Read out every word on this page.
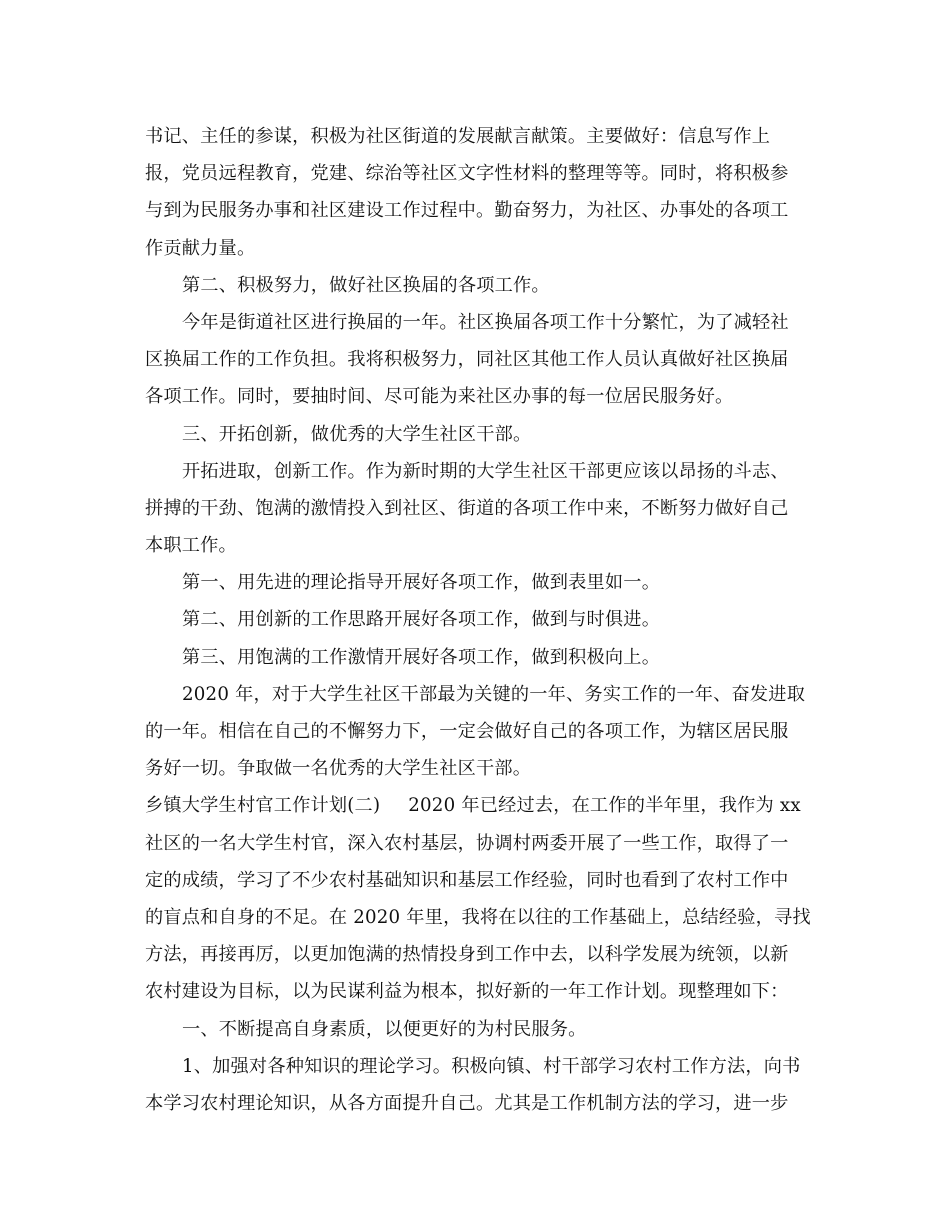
书记、主任的参谋，积极为社区街道的发展献言献策。主要做好：信息写作上
报，党员远程教育，党建、综治等社区文字性材料的整理等等。同时，将积极参
与到为民服务办事和社区建设工作过程中。勤奋努力，为社区、办事处的各项工
作贡献力量。
第二、积极努力，做好社区换届的各项工作。
今年是街道社区进行换届的一年。社区换届各项工作十分繁忙，为了减轻社
区换届工作的工作负担。我将积极努力，同社区其他工作人员认真做好社区换届
各项工作。同时，要抽时间、尽可能为来社区办事的每一位居民服务好。
三、开拓创新，做优秀的大学生社区干部。
开拓进取，创新工作。作为新时期的大学生社区干部更应该以昂扬的斗志、
拼搏的干劲、饱满的激情投入到社区、街道的各项工作中来，不断努力做好自己
本职工作。
第一、用先进的理论指导开展好各项工作，做到表里如一。
第二、用创新的工作思路开展好各项工作，做到与时俱进。
第三、用饱满的工作激情开展好各项工作，做到积极向上。
2020 年，对于大学生社区干部最为关键的一年、务实工作的一年、奋发进取
的一年。相信在自己的不懈努力下，一定会做好自己的各项工作，为辖区居民服
务好一切。争取做一名优秀的大学生社区干部。
乡镇大学生村官工作计划(二) 2020 年已经过去，在工作的半年里，我作为 xx
社区的一名大学生村官，深入农村基层，协调村两委开展了一些工作，取得了一
定的成绩，学习了不少农村基础知识和基层工作经验，同时也看到了农村工作中
的盲点和自身的不足。在 2020 年里，我将在以往的工作基础上，总结经验，寻找
方法，再接再厉，以更加饱满的热情投身到工作中去，以科学发展为统领，以新
农村建设为目标，以为民谋利益为根本，拟好新的一年工作计划。现整理如下：
一、不断提高自身素质，以便更好的为村民服务。
1、加强对各种知识的理论学习。积极向镇、村干部学习农村工作方法，向书
本学习农村理论知识，从各方面提升自己。尤其是工作机制方法的学习，进一步
